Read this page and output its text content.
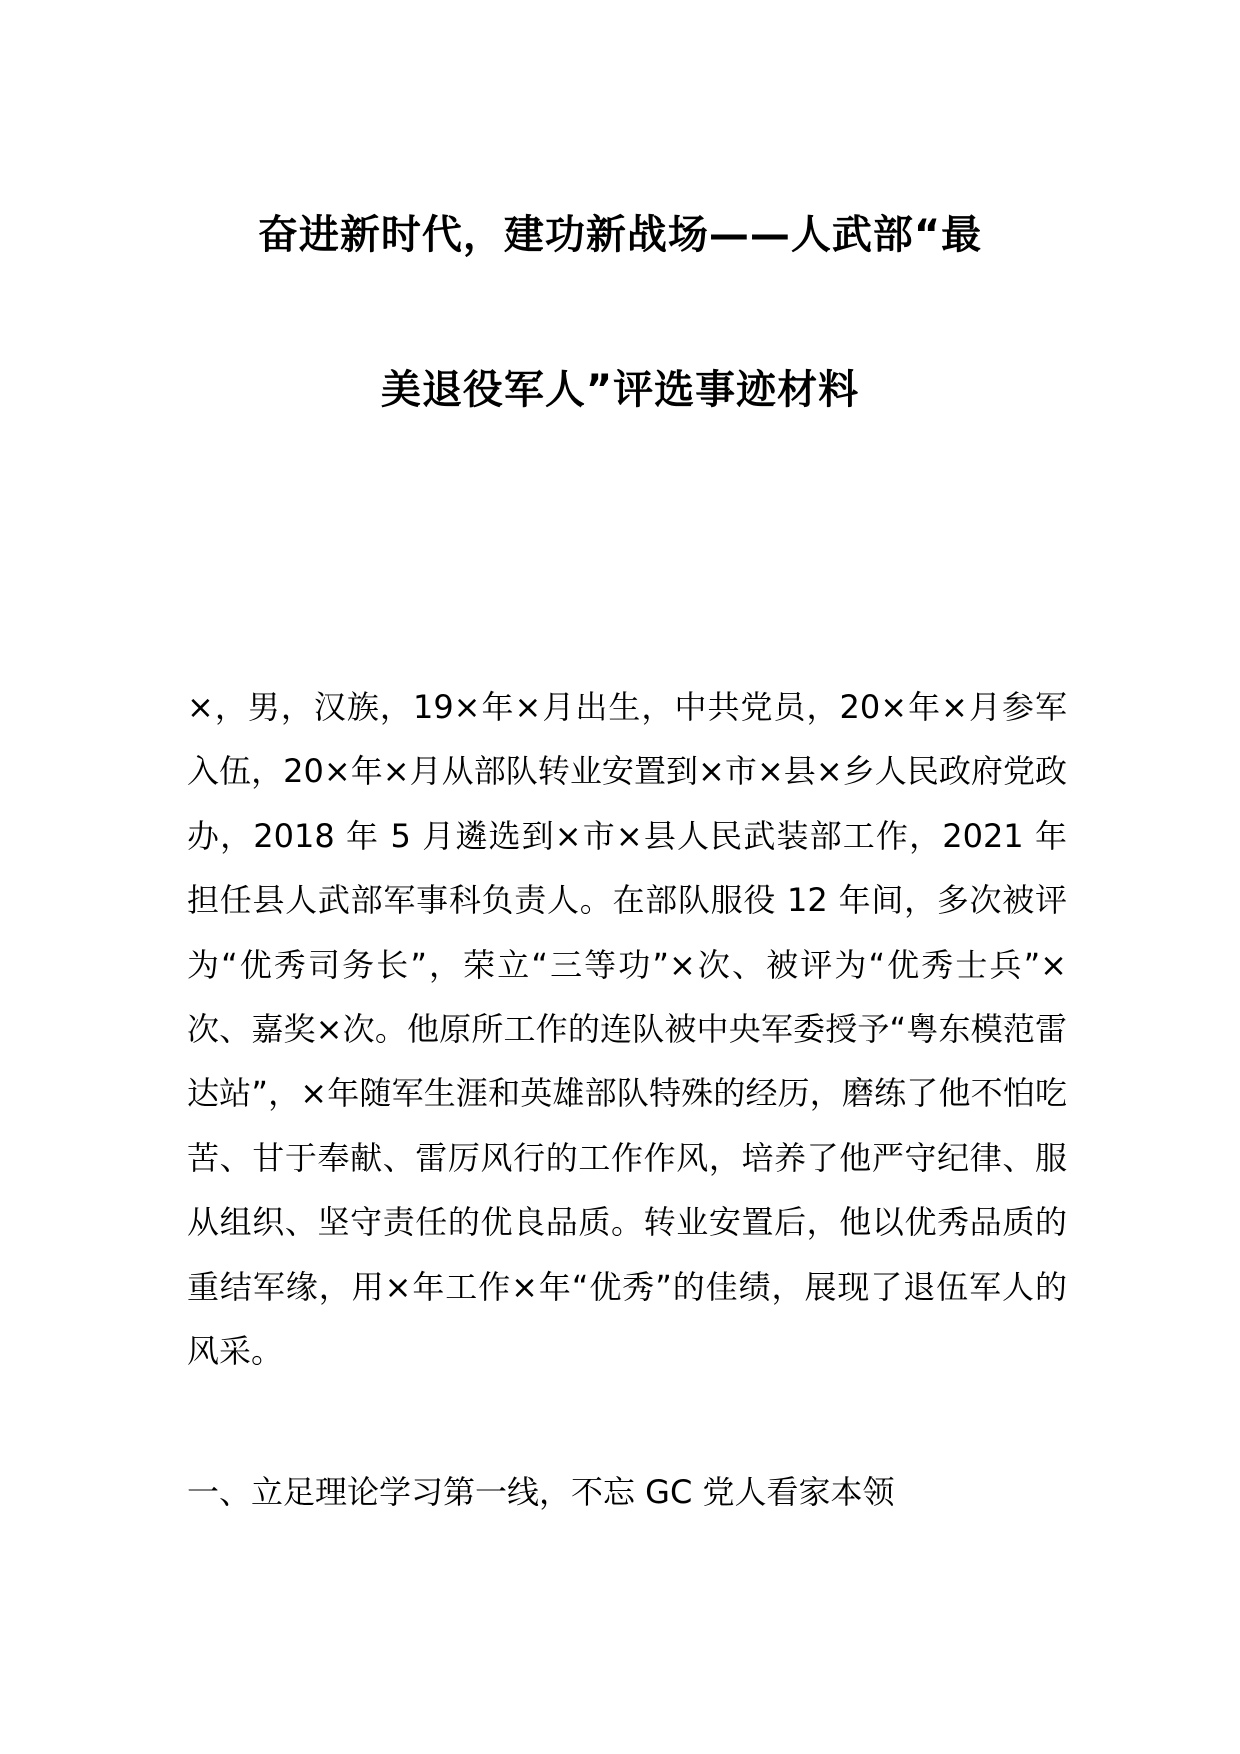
奋进新时代，建功新战场——人武部“最
美退役军人”评选事迹材料
×，男，汉族，19×年×月出生，中共党员，20×年×月参军入伍，20×年×月从部队转业安置到×市×县×乡人民政府党政办，2018 年 5 月遴选到×市×县人民武装部工作，2021 年担任县人武部军事科负责人。在部队服役 12 年间，多次被评为“优秀司务长”，荣立“三等功”×次、被评为“优秀士兵”×次、嘉奖×次。他原所工作的连队被中央军委授予“粤东模范雷达站”，×年随军生涯和英雄部队特殊的经历，磨练了他不怕吃苦、甘于奉献、雷厉风行的工作作风，培养了他严守纪律、服从组织、坚守责任的优良品质。转业安置后，他以优秀品质的重结军缘，用×年工作×年“优秀”的佳绩，展现了退伍军人的风采。
一、立足理论学习第一线，不忘 GC 党人看家本领
